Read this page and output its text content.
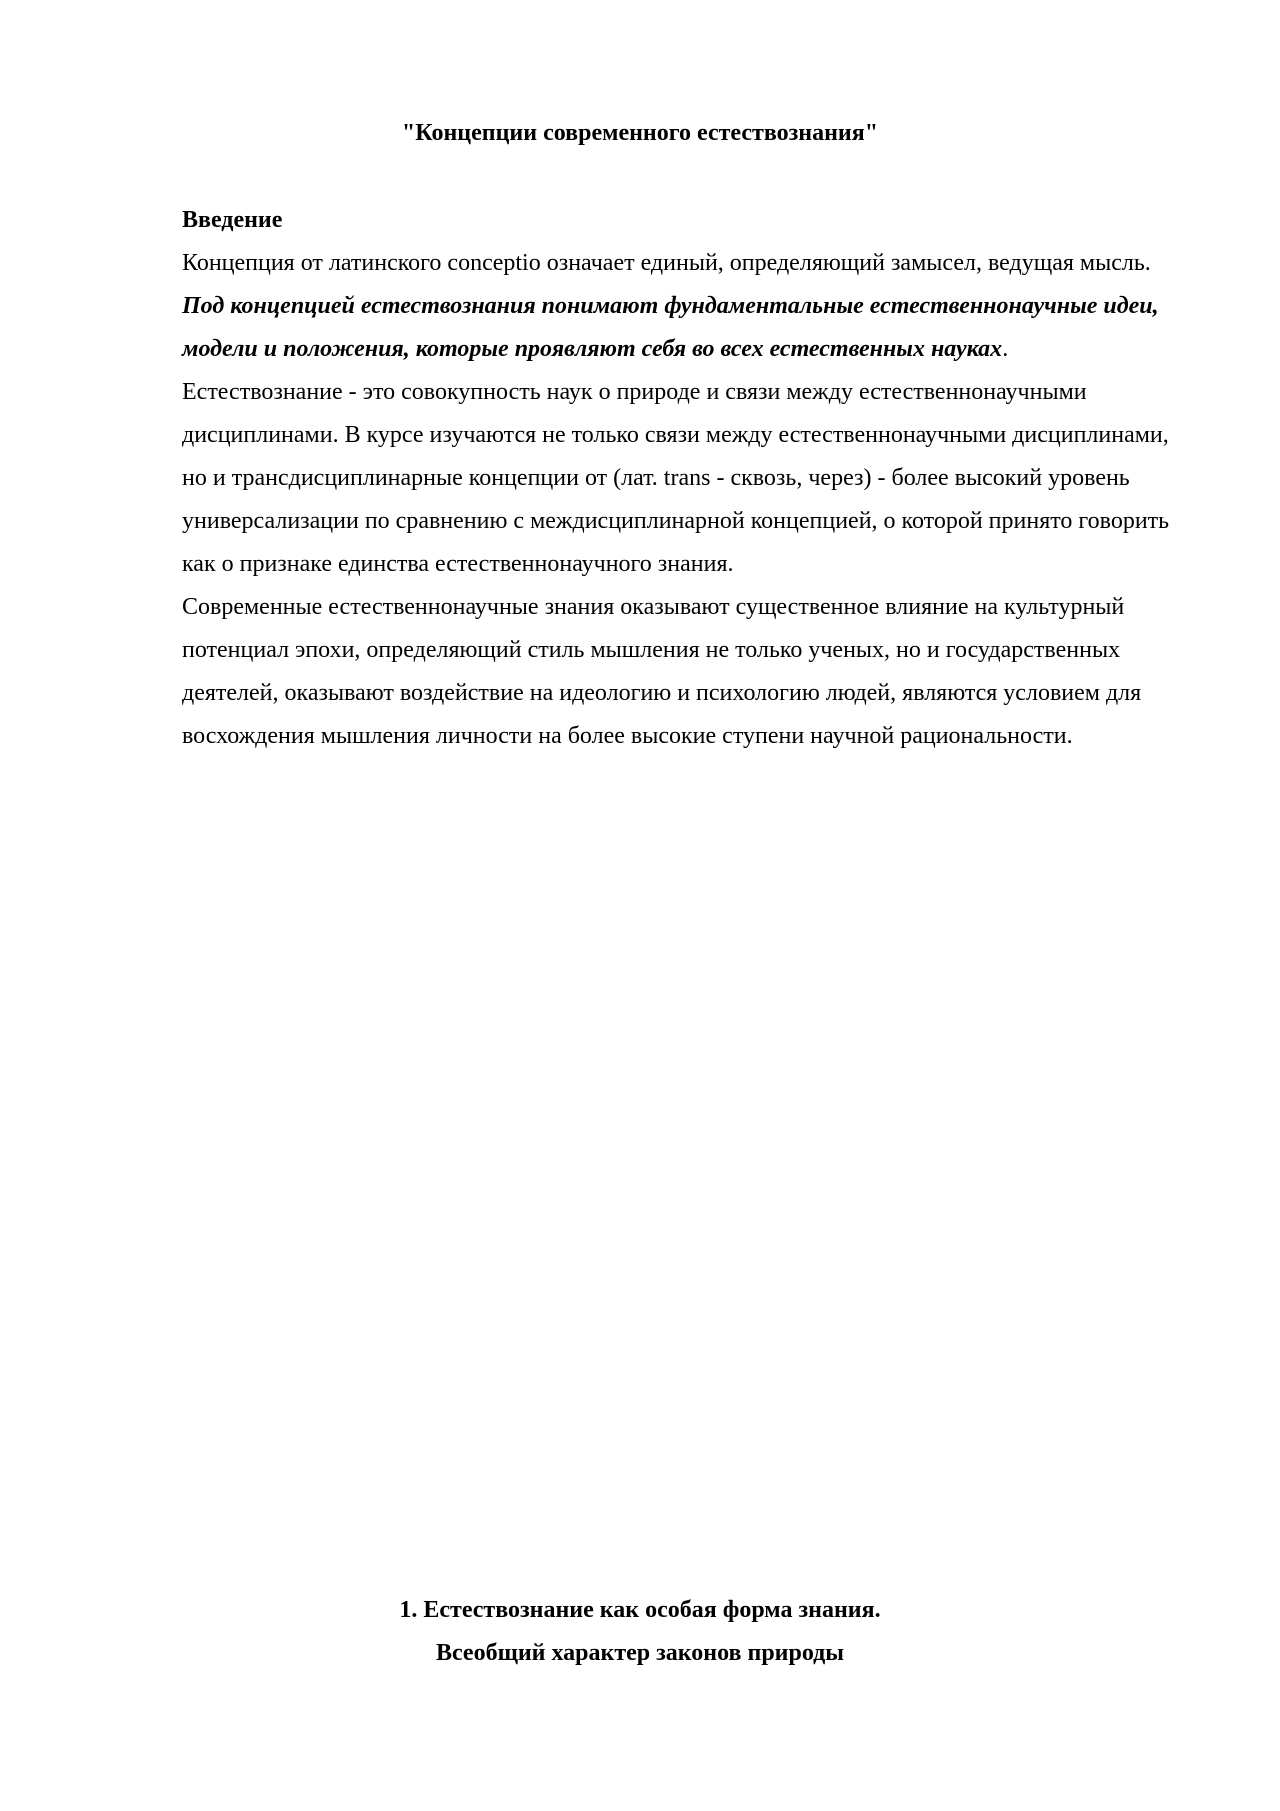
"Концепции современного естествознания"

Введение

Концепция от латинского conceptio означает единый, определяющий замысел, ведущая мысль.

Под концепцией естествознания понимают фундаментальные естественнонаучные идеи, модели и положения, которые проявляют себя во всех естественных науках.

Естествознание - это совокупность наук о природе и связи между естественнонаучными дисциплинами. В курсе изучаются не только связи между естественнонаучными дисциплинами, но и трансдисциплинарные концепции от (лат. trans - сквозь, через) - более высокий уровень универсализации по сравнению с междисциплинарной концепцией, о которой принято говорить как о признаке единства естественнонаучного знания.

Современные естественнонаучные знания оказывают существенное влияние на культурный потенциал эпохи, определяющий стиль мышления не только ученых, но и государственных деятелей, оказывают воздействие на идеологию и психологию людей, являются условием для восхождения мышления личности на более высокие ступени научной рациональности.

1. Естествознание как особая форма знания.
Всеобщий характер законов природы
